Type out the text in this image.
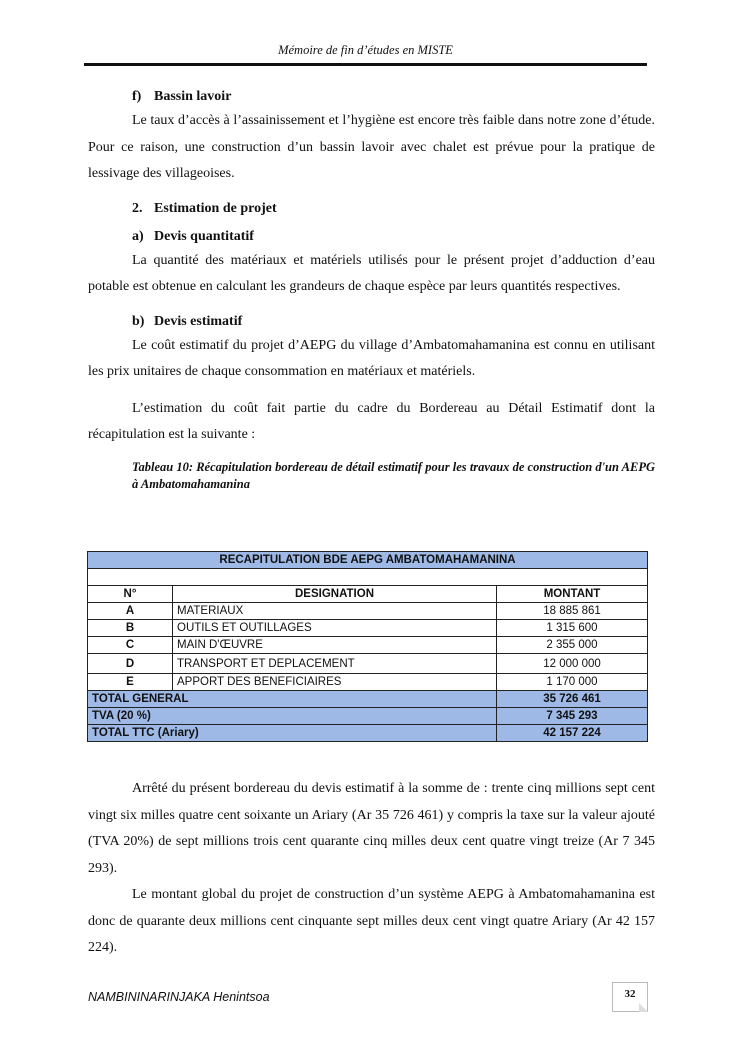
Mémoire de fin d’études en MISTE
f) Bassin lavoir

Le taux d’accès à l’assainissement et l’hygiène est encore très faible dans notre zone d’étude. Pour ce raison, une construction d’un bassin lavoir avec chalet est prévue pour la pratique de lessivage des villageoises.

2. Estimation de projet
a) Devis quantitatif

La quantité des matériaux et matériels utilisés pour le présent projet d’adduction d’eau potable est obtenue en calculant les grandeurs de chaque espèce par leurs quantités respectives.

b) Devis estimatif

Le coût estimatif du projet d’AEPG du village d’Ambatomahamanina est connu en utilisant les prix unitaires de chaque consommation en matériaux et matériels.

L’estimation du coût fait partie du cadre du Bordereau au Détail Estimatif dont la récapitulation est la suivante :

Tableau 10: Récapitulation bordereau de détail estimatif pour les travaux de construction d'un AEPG à Ambatomahamanina
RECAPITULATION BDE AEPG AMBATOMAHAMANINA		

N°	DESIGNATION	MONTANT
A	MATERIAUX	18 885 861
B	OUTILS ET OUTILLAGES	1 315 600
C	MAIN D'ŒUVRE	2 355 000
D	TRANSPORT ET DEPLACEMENT	12 000 000
E	APPORT DES BENEFICIAIRES	1 170 000
TOTAL GENERAL		35 726 461
TVA (20 %)		7 345 293
TOTAL TTC (Ariary)		42 157 224

Arrêté du présent bordereau du devis estimatif à la somme de : trente cinq millions sept cent vingt six milles quatre cent soixante un Ariary (Ar 35 726 461) y compris la taxe sur la valeur ajouté (TVA 20%) de sept millions trois cent quarante cinq milles deux cent quatre vingt treize (Ar 7 345 293).

Le montant global du projet de construction d’un système AEPG à Ambatomahamanina est donc de quarante deux millions cent cinquante sept milles deux cent vingt quatre Ariary (Ar 42 157 224).

NAMBININARINJAKA Henintsoa	32
